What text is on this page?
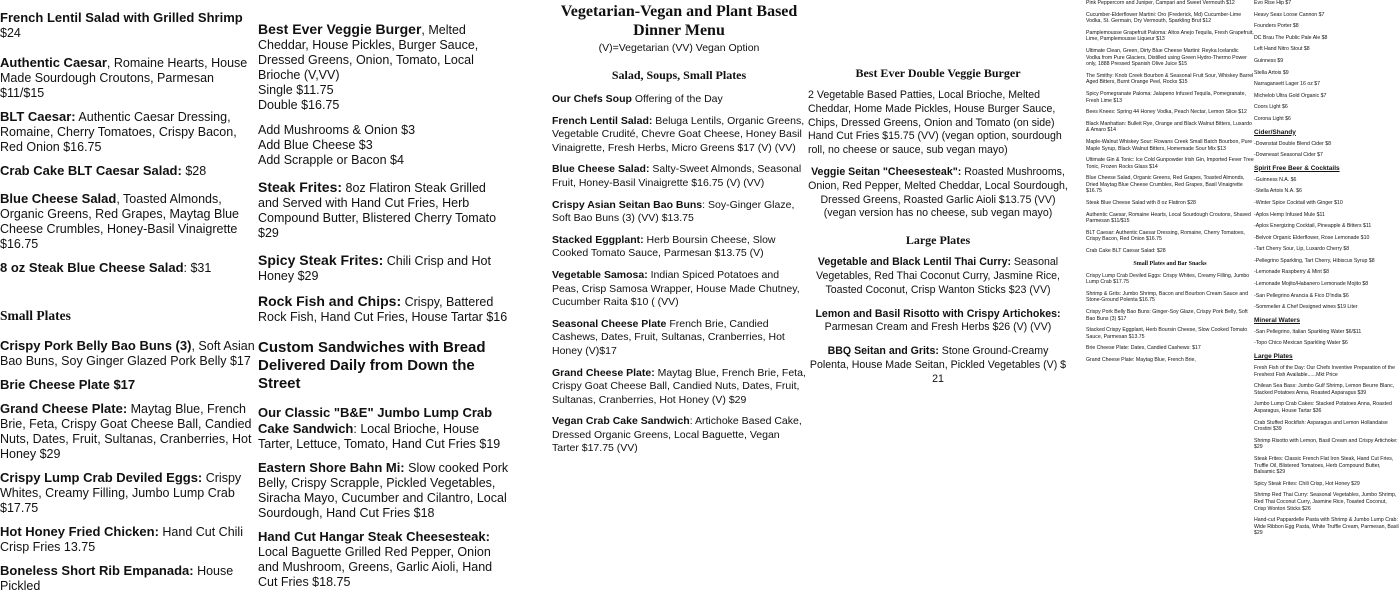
French Lentil Salad with Grilled Shrimp $24

Authentic Caesar, Romaine Hearts, House Made Sourdough Croutons, Parmesan $11/$15

BLT Caesar: Authentic Caesar Dressing, Romaine, Cherry Tomatoes, Crispy Bacon, Red Onion $16.75

Crab Cake BLT Caesar Salad: $28

Blue Cheese Salad, Toasted Almonds, Organic Greens, Red Grapes, Maytag Blue Cheese Crumbles, Honey-Basil Vinaigrette $16.75

8 oz Steak Blue Cheese Salad: $31

Small Plates

Crispy Pork Belly Bao Buns (3), Soft Asian Bao Buns, Soy Ginger Glazed Pork Belly $17

Brie Cheese Plate $17

Grand Cheese Plate: Maytag Blue, French Brie, Feta, Crispy Goat Cheese Ball, Candied Nuts, Dates, Fruit, Sultanas, Cranberries, Hot Honey $29

Crispy Lump Crab Deviled Eggs: Crispy Whites, Creamy Filling, Jumbo Lump Crab $17.75

Hot Honey Fried Chicken: Hand Cut Chili Crisp Fries 13.75

Boneless Short Rib Empanada: House Pickled

Best Ever Veggie Burger, Melted Cheddar, House Pickles, Burger Sauce, Dressed Greens, Onion, Tomato, Local Brioche (V,VV)
Single $11.75
Double $16.75

Add Mushrooms & Onion $3
Add Blue Cheese $3
Add Scrapple or Bacon $4

Steak Frites: 8oz Flatiron Steak Grilled and Served with Hand Cut Fries, Herb Compound Butter, Blistered Cherry Tomato $29

Spicy Steak Frites: Chili Crisp and Hot Honey $29

Rock Fish and Chips: Crispy, Battered Rock Fish, Hand Cut Fries, House Tartar $16

Custom Sandwiches with Bread Delivered Daily from Down the Street

Our Classic "B&E" Jumbo Lump Crab Cake Sandwich: Local Brioche, House Tarter, Lettuce, Tomato, Hand Cut Fries $19

Eastern Shore Bahn Mi: Slow cooked Pork Belly, Crispy Scrapple, Pickled Vegetables, Siracha Mayo, Cucumber and Cilantro, Local Sourdough, Hand Cut Fries $18

Hand Cut Hangar Steak Cheesesteak: Local Baguette Grilled Red Pepper, Onion and Mushroom, Greens, Garlic Aioli, Hand Cut Fries $18.75

Vegetarian-Vegan and Plant Based Dinner Menu

(V)=Vegetarian (VV) Vegan Option

Salad, Soups, Small Plates

Our Chefs Soup Offering of the Day

French Lentil Salad: Beluga Lentils, Organic Greens, Vegetable Crudité, Chevre Goat Cheese, Honey Basil Vinaigrette, Fresh Herbs, Micro Greens $17 (V) (VV)

Blue Cheese Salad: Salty-Sweet Almonds, Seasonal Fruit, Honey-Basil Vinaigrette $16.75 (V) (VV)

Crispy Asian Seitan Bao Buns: Soy-Ginger Glaze, Soft Bao Buns (3) (VV) $13.75

Stacked Eggplant: Herb Boursin Cheese, Slow Cooked Tomato Sauce, Parmesan $13.75 (V)

Vegetable Samosa: Indian Spiced Potatoes and Peas, Crisp Samosa Wrapper, House Made Chutney, Cucumber Raita $10 ( (VV)

Seasonal Cheese Plate French Brie, Candied Cashews, Dates, Fruit, Sultanas, Cranberries, Hot Honey (V)$17

Grand Cheese Plate: Maytag Blue, French Brie, Feta, Crispy Goat Cheese Ball, Candied Nuts, Dates, Fruit, Sultanas, Cranberries, Hot Honey (V) $29

Vegan Crab Cake Sandwich: Artichoke Based Cake, Dressed Organic Greens, Local Baguette, Vegan Tarter $17.75 (VV)

Best Ever Double Veggie Burger

2 Vegetable Based Patties, Local Brioche, Melted Cheddar, Home Made Pickles, House Burger Sauce, Chips, Dressed Greens, Onion and Tomato (on side) Hand Cut Fries $15.75 (VV) (vegan option, sourdough roll, no cheese or sauce, sub vegan mayo)

Veggie Seitan "Cheesesteak": Roasted Mushrooms, Onion, Red Pepper, Melted Cheddar, Local Sourdough, Dressed Greens, Roasted Garlic Aioli $13.75 (VV) (vegan version has no cheese, sub vegan mayo)

Large Plates

Vegetable and Black Lentil Thai Curry: Seasonal Vegetables, Red Thai Coconut Curry, Jasmine Rice, Toasted Coconut, Crisp Wanton Sticks $23 (VV)

Lemon and Basil Risotto with Crispy Artichokes: Parmesan Cream and Fresh Herbs $26 (V) (VV)

BBQ Seitan and Grits: Stone Ground-Creamy Polenta, House Made Seitan, Pickled Vegetables (V) $ 21

Pink Peppercorn and Juniper, Campari and Sweet Vermouth $12

Cucumber-Elderflower Martini: Oro (Frederick, Md) Cucumber-Lime Vodka, St. Germain, Dry Vermouth, Sparkling Brut $12

Pamplemousse Grapefruit Paloma: Altos Anejo Tequila, Fresh Grapefruit, Lime, Pamplemousse Liqueur $13

Ultimate Clean, Green, Dirty Blue Cheese Martini: Reyka Icelandic Vodka from Pure Glaciers, Distilled using Green Hydro-Thermo Power only, 1888 Pressed Spanish Olive Juice $15

The Smithy: Knob Creek Bourbon & Seasonal Fruit Sour, Whiskey Barrel Aged Bitters, Burnt Orange Peel, Rocks $15

Spicy Pomegranate Paloma: Jalapeno Infused Tequila, Pomegranate, Fresh Lime $13

Bees Knees: Spring 44 Honey Vodka, Peach Nectar, Lemon Slice $12

Black Manhattan: Bulleit Rye, Orange and Black Walnut Bitters, Luxardo & Amaro $14

Maple-Walnut Whiskey Sour: Rowans Creek Small Batch Bourbon, Pure Maple Syrup, Black Walnut Bitters, Homemade Sour Mix $13

Ultimate Gin & Tonic: Ice Cold Gunpowder Irish Gin, Imported Fever Tree Tonic, Frozen Rocks Glass $14

Blue Cheese Salad, Organic Greens, Red Grapes, Toasted Almonds, Dried Maytag Blue Cheese Crumbles, Red Grapes, Basil Vinaigrette $16.75

Steak Blue Cheese Salad with 8 oz Flatiron $28

Authentic Caesar, Romaine Hearts, Local Sourdough Croutons, Shaved Parmesan $11/$15

BLT Caesar: Authentic Caesar Dressing, Romaine, Cherry Tomatoes, Crispy Bacon, Red Onion $16.75

Crab Cake BLT Caesar Salad: $28

Small Plates and Bar Snacks

Crispy Lump Crab Deviled Eggs: Crispy Whites, Creamy Filling, Jumbo Lump Crab $17.75

Shrimp & Grits: Jumbo Shrimp, Bacon and Bourbon Cream Sauce and Stone-Ground Polenta $16.75

Crispy Pork Belly Bao Buns: Ginger-Soy Glaze, Crispy Pork Belly, Soft Bao Buns (3) $17

Stacked Crispy Eggplant, Herb Boursin Cheese, Slow Cooked Tomato Sauce, Parmesan $13.75

Brie Cheese Plate: Dates, Candied Cashews: $17

Grand Cheese Plate: Maytag Blue, French Brie,

Evo Rise Hip $7

Heavy Seas Loose Cannon $7

Founders Porter $8

DC Brau The Public Pale Ale $8

Left Hand Nitro Stout $8

Guinness $9

Stella Artois $9

Narragansett Lager 16 oz $7

Michelob Ultra Gold Organic $7

Coors Light $6

Corona Light $6

Cider/Shandy

-Downstat Double Blend Cider $8

-Downeast Seasonal Cider $7

Spirit Free Beer & Cocktails

-Guinness N.A. $6

-Stella Artois N.A. $6

-Winter Spice Cocktail with Ginger $10

-Aplos Hemp Infused Mule $11

-Aplos Energizing Cocktail, Pineapple & Bitters $11

-Belvoir Organic Elderflower, Rose Lemonade $10

-Tart Cherry Sour, Lip, Luxardo Cherry $8

-Pellegrino Sparkling, Tart Cherry, Hibiscus Syrup $8

-Lemonade Raspberry & Mint $8

-Lemonade Mojito/Habanero Lemonade Mojito $8

-San Pellegrino Arancia & Fico D'india $6

-Sommelier & Chef Designed wines $19 Liter

Mineral Waters

-San Pellegrino, Italian Sparkling Water $6/$11

-Topo Chico Mexican Sparkling Water $6

Large Plates

Fresh Fish of the Day: Our Chefs Inventive Preparation of the Freshest Fish Available......Mkt Price

Chilean Sea Bass: Jumbo Gulf Shrimp, Lemon Beurre Blanc, Stacked Potatoes Anna, Roasted Asparagus $39

Jumbo Lump Crab Cakes: Stacked Potatoes Anna, Roasted Asparagus, House Tartar $36

Crab Stuffed Rockfish: Asparagus and Lemon Hollandaise Crostini $39

Shrimp Risotto with Lemon, Basil Cream and Crispy Artichoke: $29

Steak Frites: Classic French Flat Iron Steak, Hand Cut Fries, Truffle Oil, Blistered Tomatoes, Herb Compound Butter, Balsamic $29

Spicy Steak Frites: Chili Crisp, Hot Honey $29

Shrimp Red Thai Curry: Seasonal Vegetables, Jumbo Shrimp, Red Thai Coconut Curry, Jasmine Rice, Toasted Coconut, Crisp Wonton Sticks $26

Hand-cut Pappardelle Pasta with Shrimp & Jumbo Lump Crab: Wide Ribbon Egg Pasta, White Truffle Cream, Parmesan, Basil $29
